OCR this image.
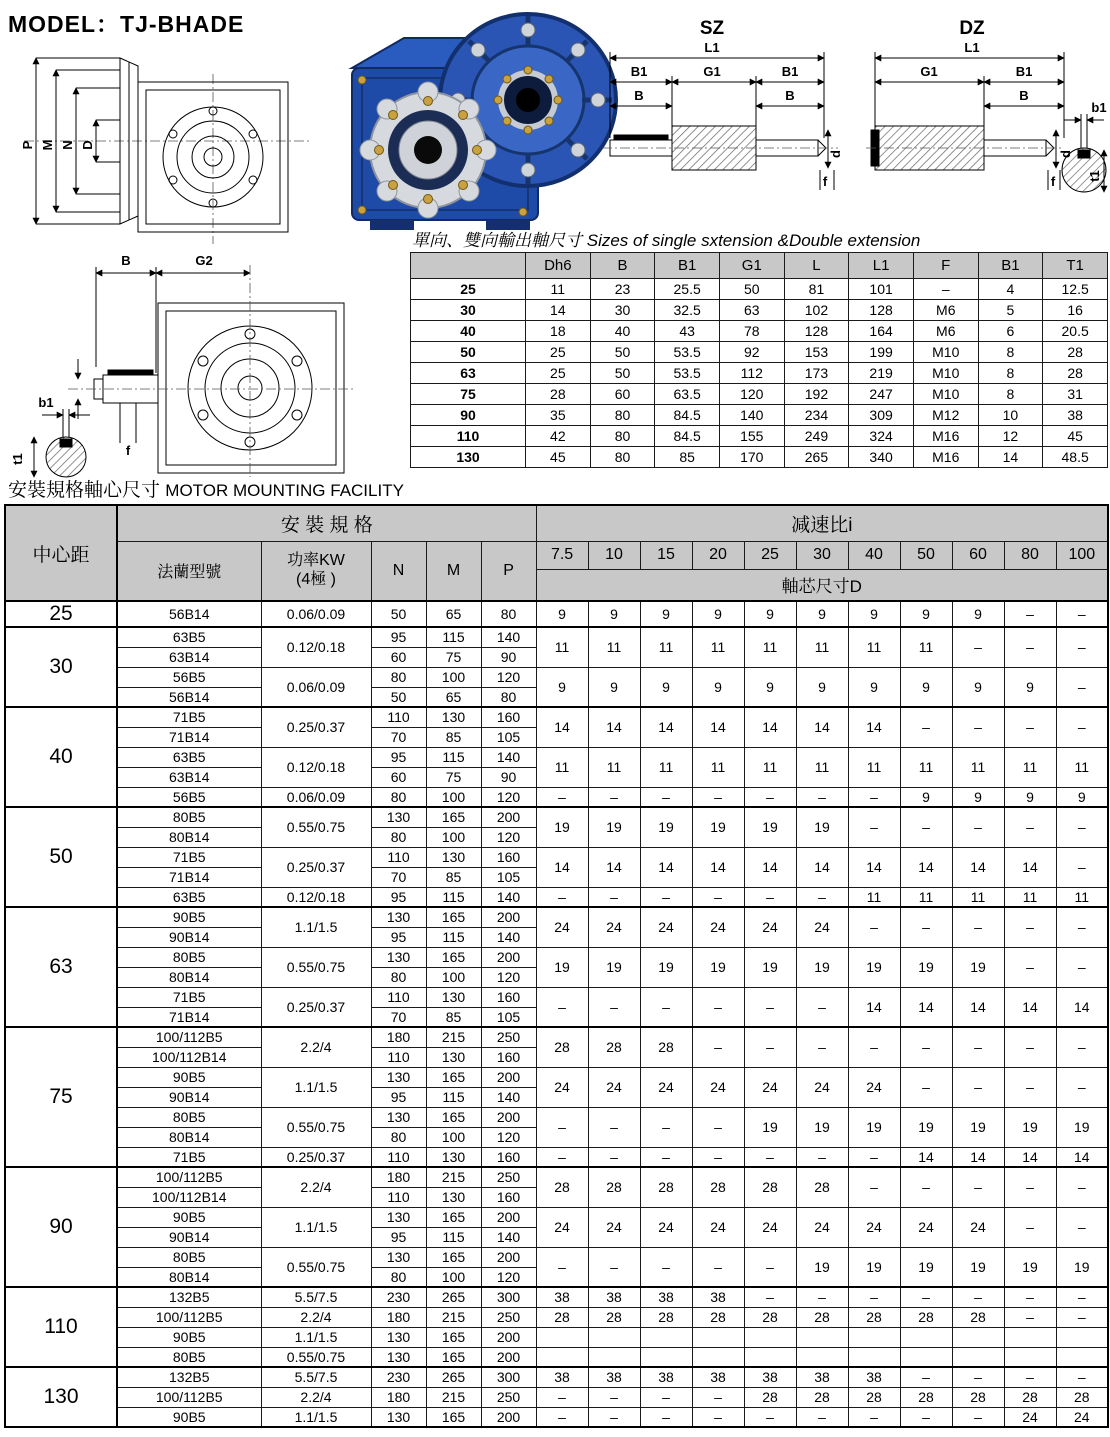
MODEL：TJ-BHADE
P M N D
SZ	DZ
L1
B1	G1	B1
B	B
f
d
G1	B1
B
L1
f
d
b1
t1
單向、雙向輸出軸尺寸 Sizes of single sxtension &Double extension
	Dh6	B	B1	G1	L	L1	F	B1	T1
25	11	23	25.5	50	81	101	–	4	12.5
30	14	30	32.5	63	102	128	M6	5	16
40	18	40	43	78	128	164	M6	6	20.5
50	25	50	53.5	92	153	199	M10	8	28
63	25	50	53.5	112	173	219	M10	8	28
75	28	60	63.5	120	192	247	M10	8	31
90	35	80	84.5	140	234	309	M12	10	38
110	42	80	84.5	155	249	324	M16	12	45
130	45	80	85	170	265	340	M16	14	48.5
B	G2
b1
f
t1
安裝規格軸心尺寸 MOTOR MOUNTING FACILITY
中心距	安 裝 規 格					减速比i										
	法蘭型號	功率KW
(4極 )	N	M	P	7.5	10	15	20	25	30	40	50	60	80	100
						軸芯尺寸D										
25	56B14	0.06/0.09	50	65	80	9	9	9	9	9	9	9	9	9	–	–
30	63B5	0.12/0.18	95	115	140	11	11	11	11	11	11	11	11	–	–	–
	63B14		60	75	90											
	56B5	0.06/0.09	80	100	120	9	9	9	9	9	9	9	9	9	9	–
	56B14		50	65	80											
40	71B5	0.25/0.37	110	130	160	14	14	14	14	14	14	14	–	–	–	–
	71B14		70	85	105											
	63B5	0.12/0.18	95	115	140	11	11	11	11	11	11	11	11	11	11	11
	63B14		60	75	90											
	56B5	0.06/0.09	80	100	120	–	–	–	–	–	–	–	9	9	9	9
50	80B5	0.55/0.75	130	165	200	19	19	19	19	19	19	–	–	–	–	–
	80B14		80	100	120											
	71B5	0.25/0.37	110	130	160	14	14	14	14	14	14	14	14	14	14	–
	71B14		70	85	105											
	63B5	0.12/0.18	95	115	140	–	–	–	–	–	–	11	11	11	11	11
63	90B5	1.1/1.5	130	165	200	24	24	24	24	24	24	–	–	–	–	–
	90B14		95	115	140											
	80B5	0.55/0.75	130	165	200	19	19	19	19	19	19	19	19	19	–	–
	80B14		80	100	120											
	71B5	0.25/0.37	110	130	160	–	–	–	–	–	–	14	14	14	14	14
	71B14		70	85	105											
75	100/112B5	2.2/4	180	215	250	28	28	28	–	–	–	–	–	–	–	–
	100/112B14		110	130	160											
	90B5	1.1/1.5	130	165	200	24	24	24	24	24	24	24	–	–	–	–
	90B14		95	115	140											
	80B5	0.55/0.75	130	165	200	–	–	–	–	19	19	19	19	19	19	19
	80B14		80	100	120											
	71B5	0.25/0.37	110	130	160	–	–	–	–	–	–	–	14	14	14	14
90	100/112B5	2.2/4	180	215	250	28	28	28	28	28	28	–	–	–	–	–
	100/112B14		110	130	160											
	90B5	1.1/1.5	130	165	200	24	24	24	24	24	24	24	24	24	–	–
	90B14		95	115	140											
	80B5	0.55/0.75	130	165	200	–	–	–	–	–	19	19	19	19	19	19
	80B14		80	100	120											
110	132B5	5.5/7.5	230	265	300	38	38	38	38	–	–	–	–	–	–	–
	100/112B5	2.2/4	180	215	250	28	28	28	28	28	28	28	28	28	–	–
	90B5	1.1/1.5	130	165	200											
	80B5	0.55/0.75	130	165	200											
130	132B5	5.5/7.5	230	265	300	38	38	38	38	38	38	38	–	–	–	–
	100/112B5	2.2/4	180	215	250	–	–	–	–	28	28	28	28	28	28	28
	90B5	1.1/1.5	130	165	200	–	–	–	–	–	–	–	–	–	24	24
